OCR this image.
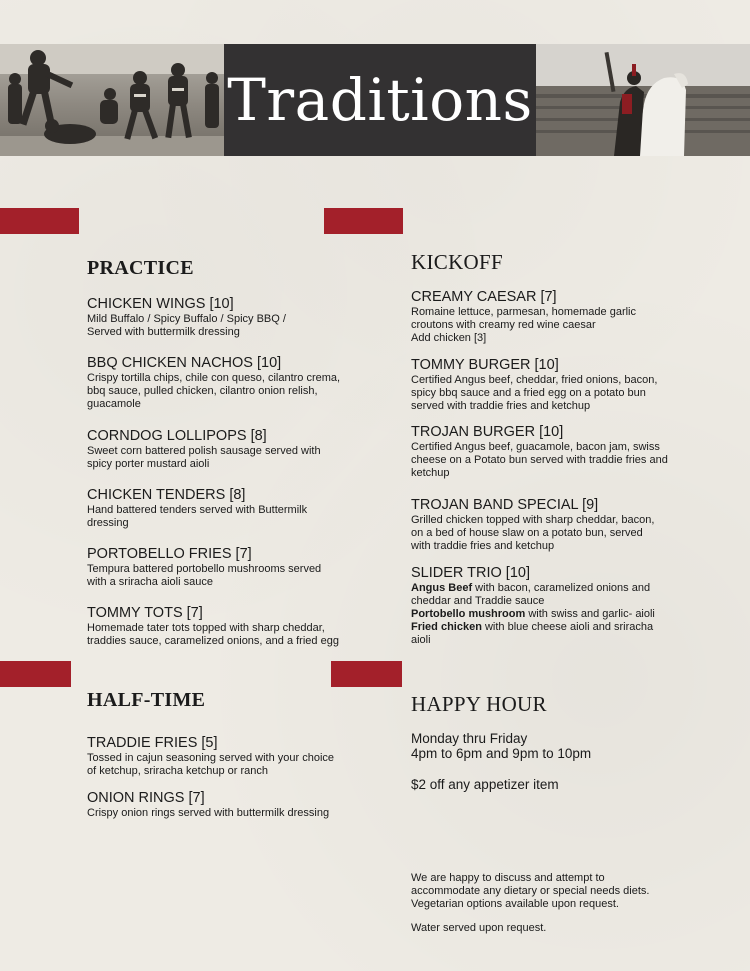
Traditions
PRACTICE
CHICKEN WINGS [10]
Mild Buffalo / Spicy Buffalo / Spicy BBQ / Served with buttermilk dressing
BBQ CHICKEN NACHOS [10]
Crispy tortilla chips, chile con queso, cilantro crema, bbq sauce, pulled chicken, cilantro onion relish, guacamole
CORNDOG LOLLIPOPS [8]
Sweet corn battered polish sausage served with spicy porter mustard aioli
CHICKEN TENDERS [8]
Hand battered tenders served with Buttermilk dressing
PORTOBELLO FRIES [7]
Tempura battered portobello mushrooms served with a sriracha aioli sauce
TOMMY TOTS [7]
Homemade tater tots topped with sharp cheddar, traddies sauce, caramelized onions, and a fried egg
HALF-TIME
TRADDIE FRIES [5]
Tossed in cajun seasoning served with your choice of ketchup, sriracha ketchup or ranch
ONION RINGS [7]
Crispy onion rings served with buttermilk dressing
KICKOFF
CREAMY CAESAR [7]
Romaine lettuce, parmesan, homemade garlic croutons with creamy red wine caesar
Add chicken [3]
TOMMY BURGER [10]
Certified Angus beef, cheddar, fried onions, bacon, spicy bbq sauce and a fried egg on a potato bun served with traddie fries and ketchup
TROJAN BURGER [10]
Certified Angus beef, guacamole, bacon jam, swiss cheese on a Potato bun served with traddie fries and ketchup
TROJAN BAND SPECIAL [9]
Grilled chicken topped with sharp cheddar, bacon, on a bed of house slaw on a potato bun, served with traddie fries and ketchup
SLIDER TRIO [10]
Angus Beef with bacon, caramelized onions and cheddar and Traddie sauce
Portobello mushroom with swiss and garlic- aioli
Fried chicken with blue cheese aioli and sriracha aioli
HAPPY HOUR
Monday thru Friday
4pm to 6pm and 9pm to 10pm
$2 off any appetizer item
We are happy to discuss and attempt to accommodate any dietary or special needs diets. Vegetarian options available upon request.
Water served upon request.
